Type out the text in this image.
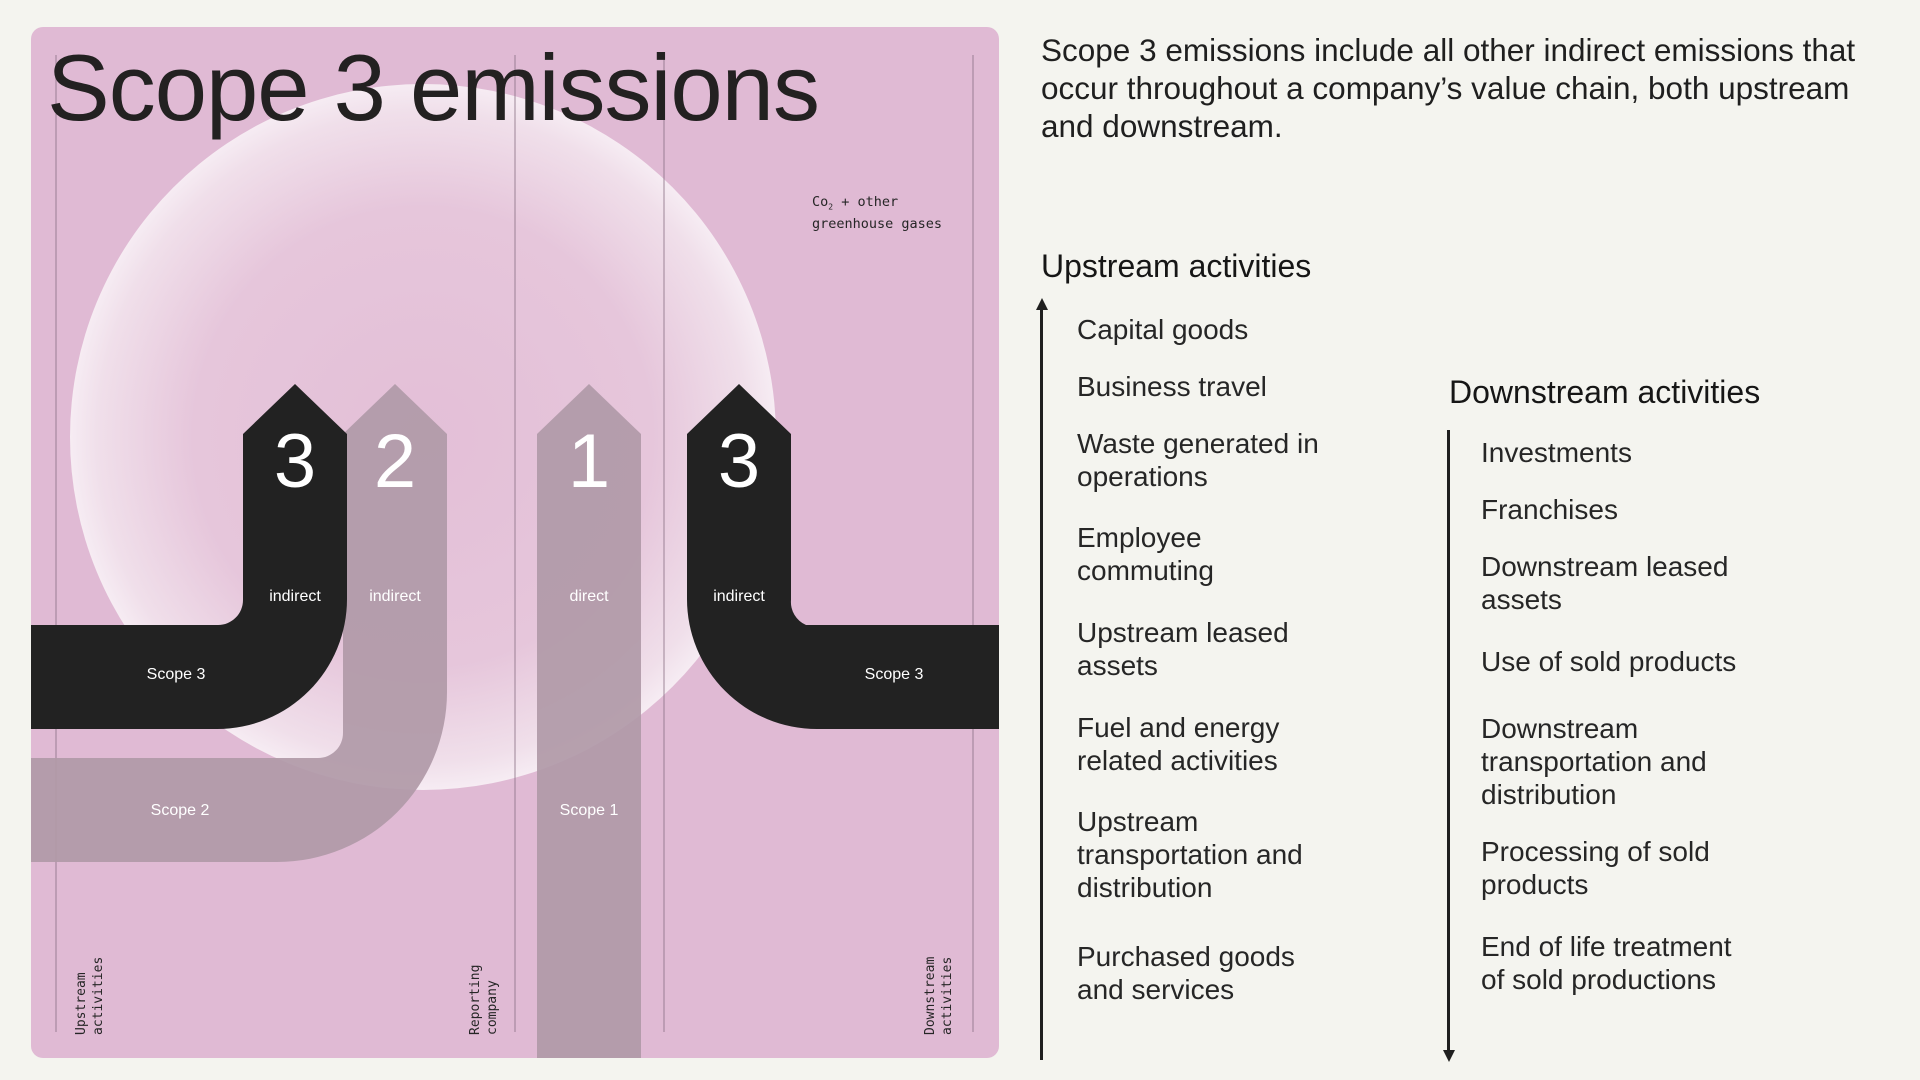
Scope 3 emissions
$Co_2$ + other
greenhouse gases
3 2	1	3
indirect	indirect	direct	indirect
Scope 3
Scope 2	Scope 1
Scope 3
Upstream activities	Reporting company	Downstream activities

Scope 3 emissions include all other indirect emissions that occur throughout a company’s value chain, both upstream and downstream.

Upstream activities
Capital goods
Business travel
Waste generated in
operations
Employee
commuting
Upstream leased
assets
Fuel and energy
related activities
Upstream
transportation and
distribution
Purchased goods
and services
Downstream activities
Investments
Franchises
Downstream leased
assets
Use of sold products
Downstream
transportation and
distribution
Processing of sold
products
End of life treatment
of sold productions
